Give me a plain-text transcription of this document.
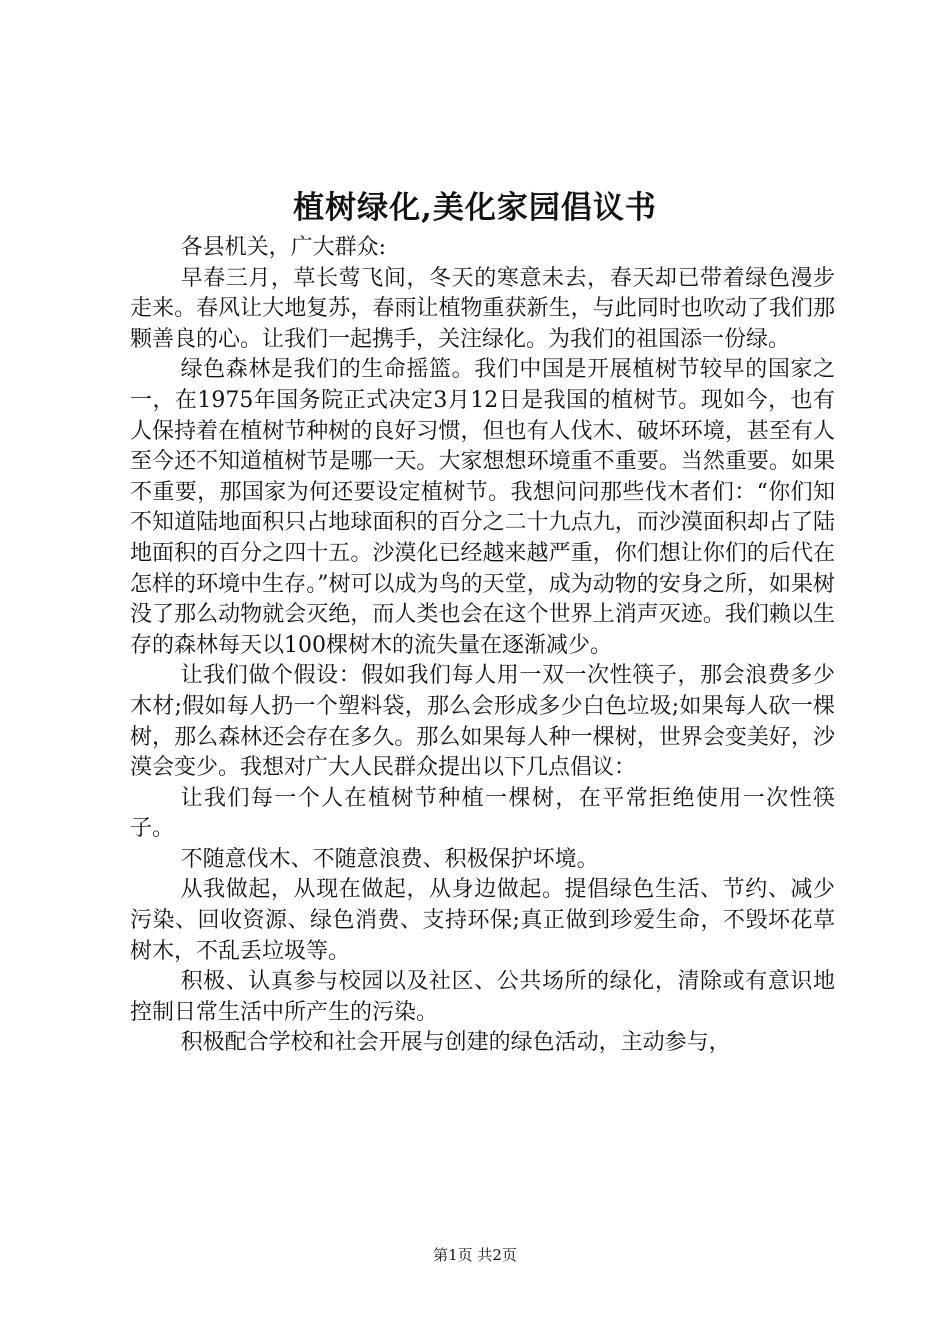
植树绿化,美化家园倡议书

各县机关，广大群众:

早春三月，草长莺飞间，冬天的寒意未去，春天却已带着绿色漫步走来。春风让大地复苏，春雨让植物重获新生，与此同时也吹动了我们那颗善良的心。让我们一起携手，关注绿化。为我们的祖国添一份绿。

绿色森林是我们的生命摇篮。我们中国是开展植树节较早的国家之一，在1975年国务院正式决定3月12日是我国的植树节。现如今，也有人保持着在植树节种树的良好习惯，但也有人伐木、破坏环境，甚至有人至今还不知道植树节是哪一天。大家想想环境重不重要。当然重要。如果不重要，那国家为何还要设定植树节。我想问问那些伐木者们：“你们知不知道陆地面积只占地球面积的百分之二十九点九，而沙漠面积却占了陆地面积的百分之四十五。沙漠化已经越来越严重，你们想让你们的后代在怎样的环境中生存。”树可以成为鸟的天堂，成为动物的安身之所，如果树没了那么动物就会灭绝，而人类也会在这个世界上消声灭迹。我们赖以生存的森林每天以100棵树木的流失量在逐渐减少。

让我们做个假设：假如我们每人用一双一次性筷子，那会浪费多少木材;假如每人扔一个塑料袋，那么会形成多少白色垃圾;如果每人砍一棵树，那么森林还会存在多久。那么如果每人种一棵树，世界会变美好，沙漠会变少。我想对广大人民群众提出以下几点倡议：

让我们每一个人在植树节种植一棵树，在平常拒绝使用一次性筷子。

不随意伐木、不随意浪费、积极保护坏境。

从我做起，从现在做起，从身边做起。提倡绿色生活、节约、减少污染、回收资源、绿色消费、支持环保;真正做到珍爱生命，不毁坏花草树木，不乱丢垃圾等。

积极、认真参与校园以及社区、公共场所的绿化，清除或有意识地控制日常生活中所产生的污染。

积极配合学校和社会开展与创建的绿色活动，主动参与，

第1页 共2页
